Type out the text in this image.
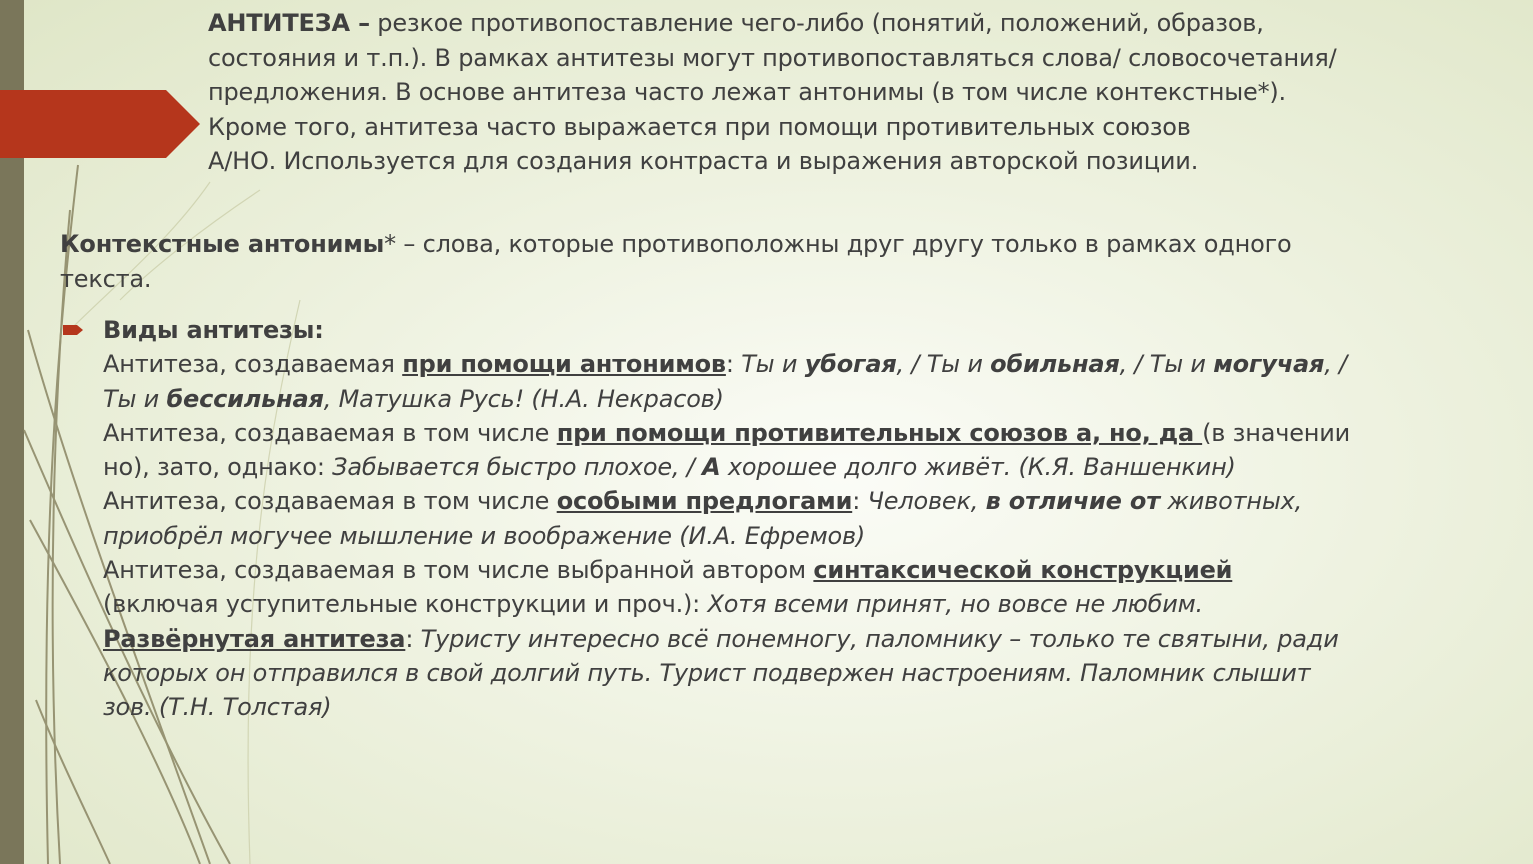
АНТИТЕЗА – резкое противопоставление чего-либо (понятий, положений, образов,
состояния и т.п.). В рамках антитезы могут противопоставляться слова/ словосочетания/
предложения. В основе антитеза часто лежат антонимы (в том числе контекстные*).
Кроме того, антитеза часто выражается при помощи противительных союзов
А/НО. Используется для создания контраста и выражения авторской позиции.
Контекстные антонимы* – слова, которые противоположны друг другу только в рамках одного
текста.
Виды антитезы:
Антитеза, создаваемая при помощи антонимов: Ты и убогая, / Ты и обильная, / Ты и могучая, /
Ты и бессильная, Матушка Русь! (Н.А. Некрасов)
Антитеза, создаваемая в том числе при помощи противительных союзов а, но, да (в значении
но), зато, однако: Забывается быстро плохое, / А хорошее долго живёт. (К.Я. Ваншенкин)
Антитеза, создаваемая в том числе особыми предлогами: Человек, в отличие от животных,
приобрёл могучее мышление и воображение (И.А. Ефремов)
Антитеза, создаваемая в том числе выбранной автором синтаксической конструкцией
(включая уступительные конструкции и проч.): Хотя всеми принят, но вовсе не любим.
Развёрнутая антитеза: Туристу интересно всё понемногу, паломнику – только те святыни, ради
которых он отправился в свой долгий путь. Турист подвержен настроениям. Паломник слышит
зов. (Т.Н. Толстая)
